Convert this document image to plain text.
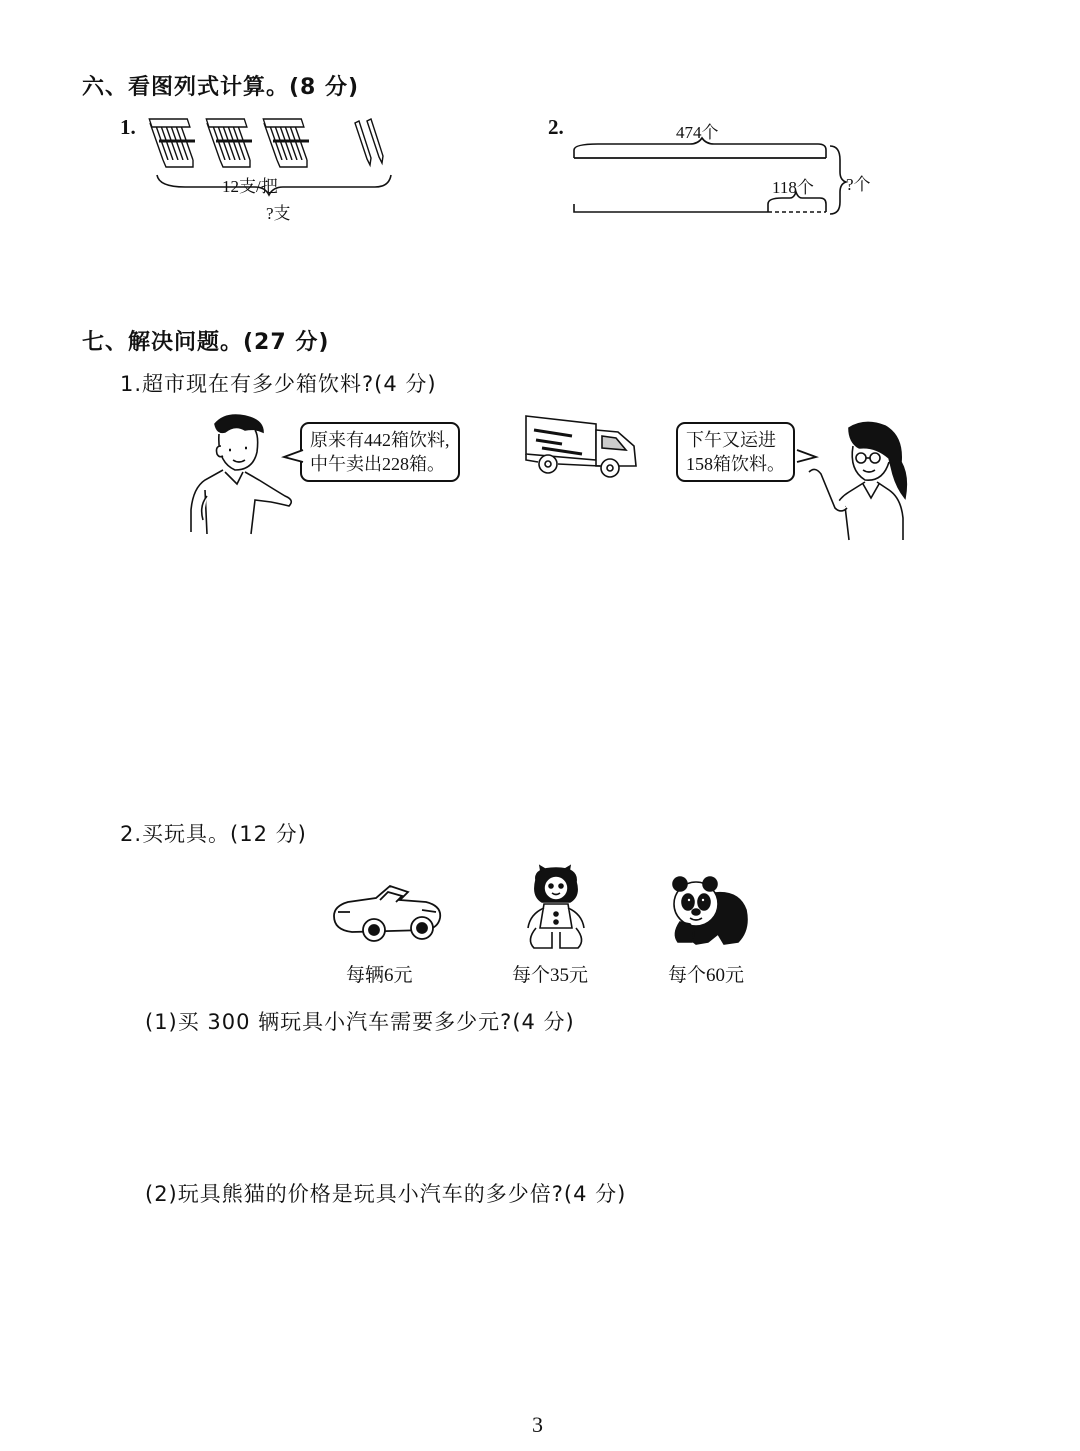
六、看图列式计算。(8 分)
1.
12支/把
?支
2.	474个
118个 ?个
七、解决问题。(27 分)
1.超市现在有多少箱饮料?(4 分)
原来有442箱饮料,
中午卖出228箱。
下午又运进
158箱饮料。
2.买玩具。(12 分)
每辆6元	每个35元	每个60元
(1)买 300 辆玩具小汽车需要多少元?(4 分)
(2)玩具熊猫的价格是玩具小汽车的多少倍?(4 分)
3
